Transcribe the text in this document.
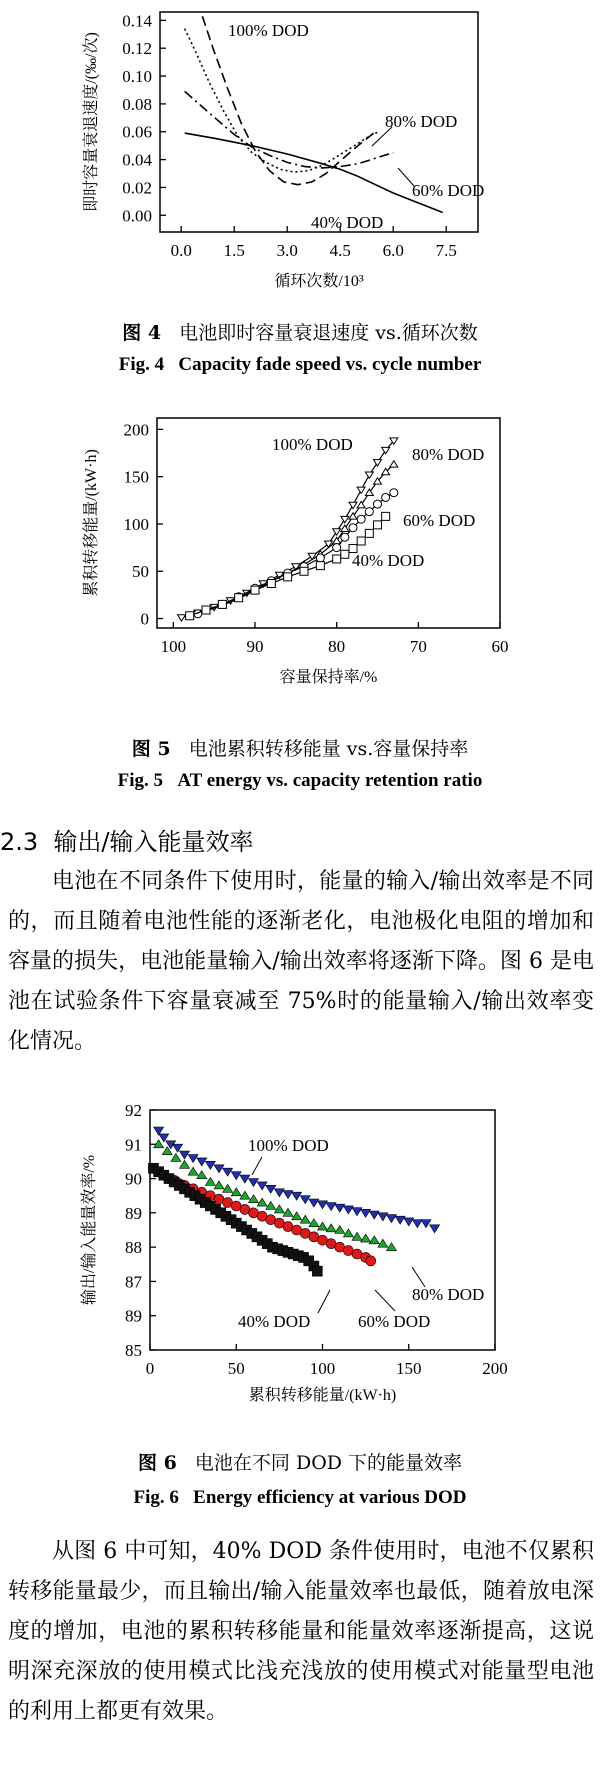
0.0 1.5 3.0 4.5 6.0 7.5
0.00
0.02
0.04
0.06
0.08
0.10
0.12
0.14
循环次数/10³
即时容量衰退速度/(‰/次)
100% DOD
80% DOD
60% DOD
40% DOD
图 4 电池即时容量衰退速度 vs.循环次数
Fig. 4 Capacity fade speed vs. cycle number
100	90	80	70	60
0
50
100
150
200
容量保持率/%
累积转移能量/(kW·h)
100% DOD
80% DOD
60% DOD
40% DOD
图 5 电池累积转移能量 vs.容量保持率
Fig. 5 AT energy vs. capacity retention ratio
2.3 输出/输入能量效率
电池在不同条件下使用时，能量的输入/输出效率是不同的，而且随着电池性能的逐渐老化，电池极化电阻的增加和容量的损失，电池能量输入/输出效率将逐渐下降。图 6 是电池在试验条件下容量衰减至 75%时的能量输入/输出效率变化情况。
0	50	100	150	200
92
91
90
89
88
87
89
85
累积转移能量/(kW·h)
输出/输入能量效率/%
100% DOD
80% DOD
60% DOD
40% DOD
图 6 电池在不同 DOD 下的能量效率
Fig. 6 Energy efficiency at various DOD
从图 6 中可知，40% DOD 条件使用时，电池不仅累积转移能量最少，而且输出/输入能量效率也最低，随着放电深度的增加，电池的累积转移能量和能量效率逐渐提高，这说明深充深放的使用模式比浅充浅放的使用模式对能量型电池的利用上都更有效果。
